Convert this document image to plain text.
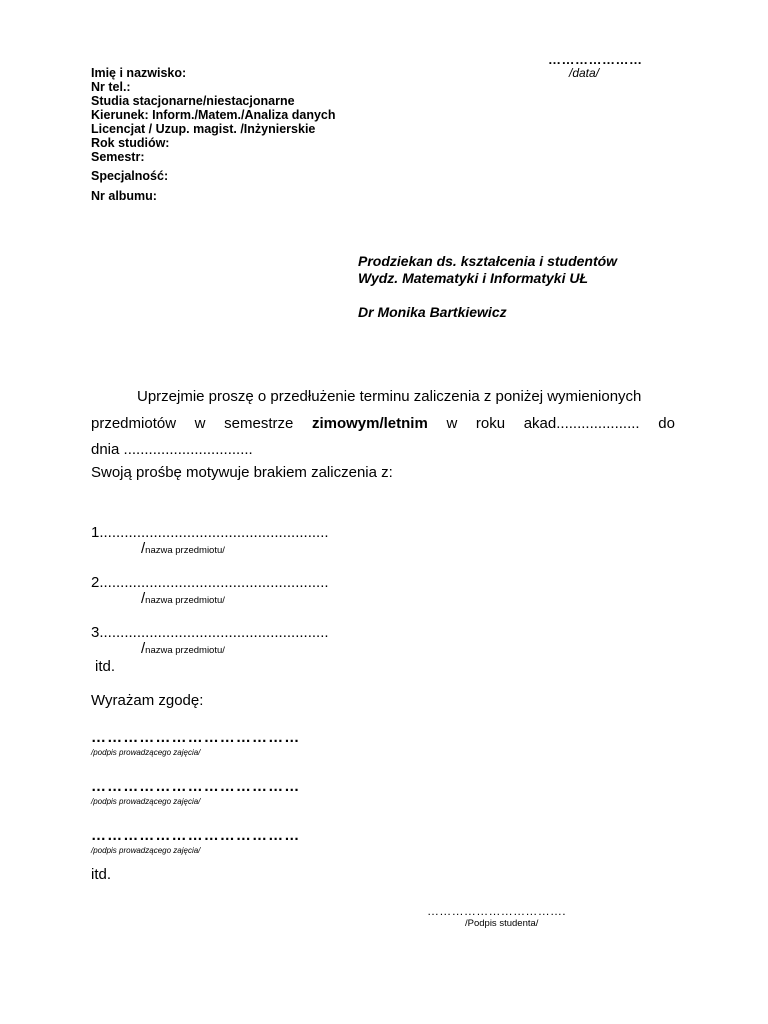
…………………
/data/
Imię i nazwisko:
Nr tel.:
Studia stacjonarne/niestacjonarne
Kierunek: Inform./Matem./Analiza danych
Licencjat / Uzup. magist. /Inżynierskie
Rok studiów:
Semestr:
Specjalność:
Nr albumu:
Prodziekan ds. kształcenia i studentów
Wydz. Matematyki i Informatyki UŁ
Dr Monika Bartkiewicz
Uprzejmie proszę o przedłużenie terminu zaliczenia z poniżej wymienionych
przedmiotów w semestrze zimowym/letnim w roku akad.................... do
dnia ...............................
Swoją prośbę motywuje brakiem zaliczenia z:
1.......................................................
/nazwa przedmiotu/
2.......................................................
/nazwa przedmiotu/
3.......................................................
/nazwa przedmiotu/
itd.
Wyrażam zgodę:
…………………………………
/podpis prowadzącego zajęcia/
…………………………………
/podpis prowadzącego zajęcia/
…………………………………
/podpis prowadzącego zajęcia/
itd.
…………………………….
/Podpis studenta/
